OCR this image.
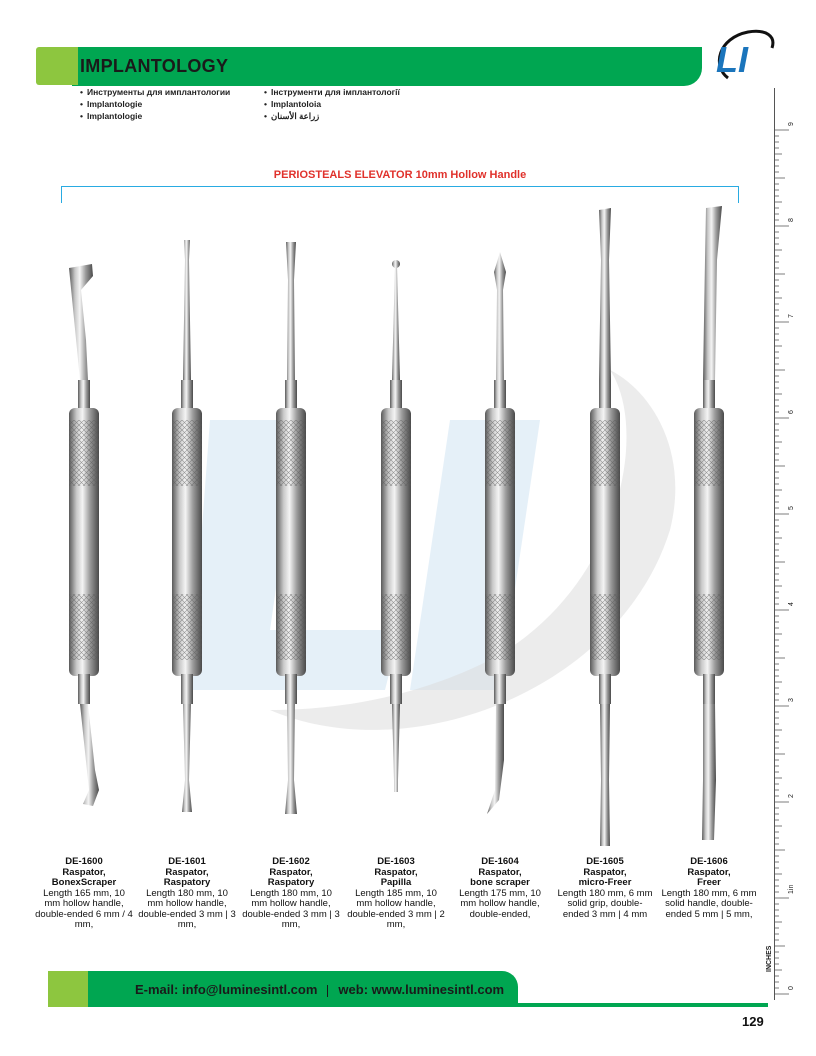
IMPLANTOLOGY	LI
• Инструменты для имплантологии
• Implantologie
• Implantologie
• Інструменти для імплантології
• Implantoloia
• زراعة الأسنان
PERIOSTEALS ELEVATOR 10mm Hollow Handle
DE-1600
Raspator,
BonexScraper
Length 165 mm, 10 mm hollow handle, double-ended 6 mm / 4 mm,
DE-1601
Raspator,
Raspatory
Length 180 mm, 10 mm hollow handle, double-ended 3 mm | 3 mm,
DE-1602
Raspator,
Raspatory
Length 180 mm, 10 mm hollow handle, double-ended 3 mm | 3 mm,
DE-1603
Raspator,
Papilla
Length 185 mm, 10 mm hollow handle, double-ended 3 mm | 2 mm,
DE-1604
Raspator,
bone scraper
Length 175 mm, 10 mm hollow handle, double-ended,
DE-1605
Raspator,
micro-Freer
Length 180 mm, 6 mm solid grip, double-ended 3 mm | 4 mm
DE-1606
Raspator,
Freer
Length 180 mm, 6 mm solid handle, double-ended 5 mm | 5 mm,
9
8
7
6
5
4
3
2
1in
0
INCHES
E-mail: info@luminesintl.com web: www.luminesintl.com
129
